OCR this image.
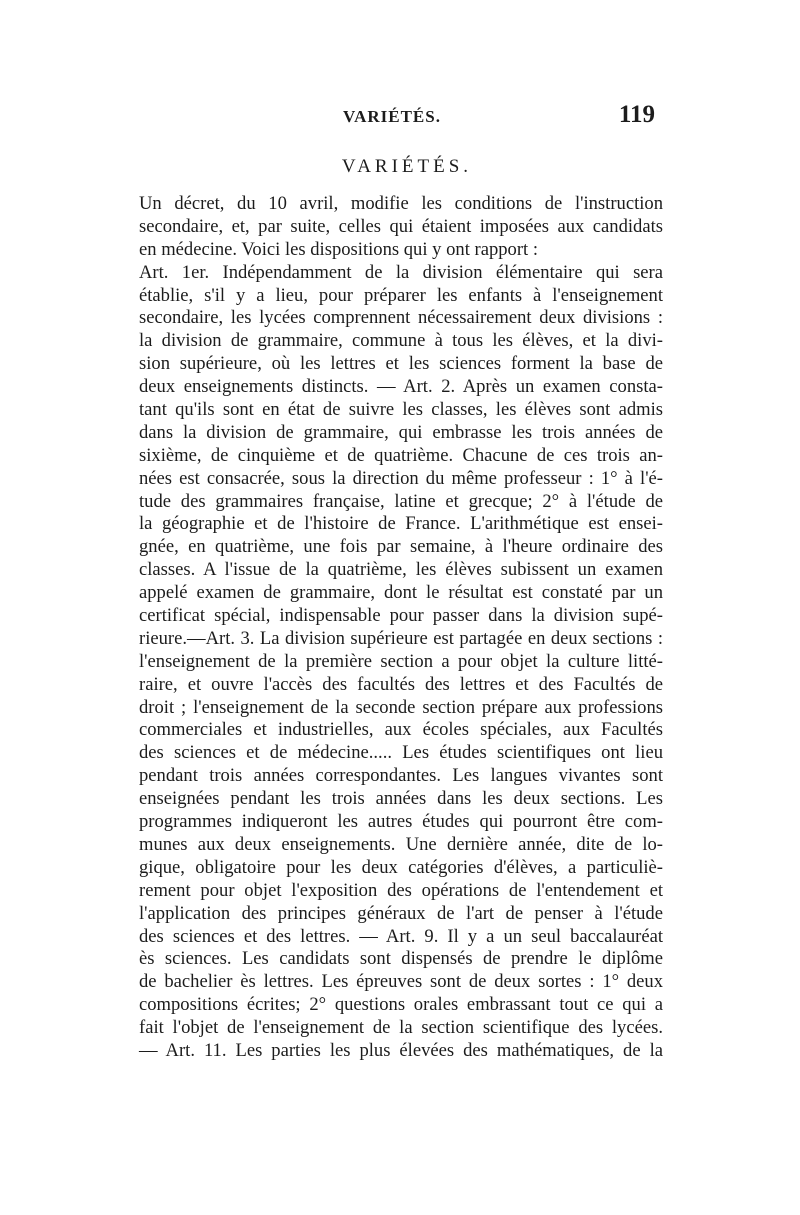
VARIÉTÉS.	119
VARIÉTÉS.
Un décret, du 10 avril, modifie les conditions de l'instruction
secondaire, et, par suite, celles qui étaient imposées aux candidats
en médecine. Voici les dispositions qui y ont rapport :
Art. 1er. Indépendamment de la division élémentaire qui sera
établie, s'il y a lieu, pour préparer les enfants à l'enseignement
secondaire, les lycées comprennent nécessairement deux divisions :
la division de grammaire, commune à tous les élèves, et la divi-
sion supérieure, où les lettres et les sciences forment la base de
deux enseignements distincts. — Art. 2. Après un examen consta-
tant qu'ils sont en état de suivre les classes, les élèves sont admis
dans la division de grammaire, qui embrasse les trois années de
sixième, de cinquième et de quatrième. Chacune de ces trois an-
nées est consacrée, sous la direction du même professeur : 1° à l'é-
tude des grammaires française, latine et grecque; 2° à l'étude de
la géographie et de l'histoire de France. L'arithmétique est ensei-
gnée, en quatrième, une fois par semaine, à l'heure ordinaire des
classes. A l'issue de la quatrième, les élèves subissent un examen
appelé examen de grammaire, dont le résultat est constaté par un
certificat spécial, indispensable pour passer dans la division supé-
rieure.—Art. 3. La division supérieure est partagée en deux sections :
l'enseignement de la première section a pour objet la culture litté-
raire, et ouvre l'accès des facultés des lettres et des Facultés de
droit ; l'enseignement de la seconde section prépare aux professions
commerciales et industrielles, aux écoles spéciales, aux Facultés
des sciences et de médecine..... Les études scientifiques ont lieu
pendant trois années correspondantes. Les langues vivantes sont
enseignées pendant les trois années dans les deux sections. Les
programmes indiqueront les autres études qui pourront être com-
munes aux deux enseignements. Une dernière année, dite de lo-
gique, obligatoire pour les deux catégories d'élèves, a particuliè-
rement pour objet l'exposition des opérations de l'entendement et
l'application des principes généraux de l'art de penser à l'étude
des sciences et des lettres. — Art. 9. Il y a un seul baccalauréat
ès sciences. Les candidats sont dispensés de prendre le diplôme
de bachelier ès lettres. Les épreuves sont de deux sortes : 1° deux
compositions écrites; 2° questions orales embrassant tout ce qui a
fait l'objet de l'enseignement de la section scientifique des lycées.
— Art. 11. Les parties les plus élevées des mathématiques, de la
